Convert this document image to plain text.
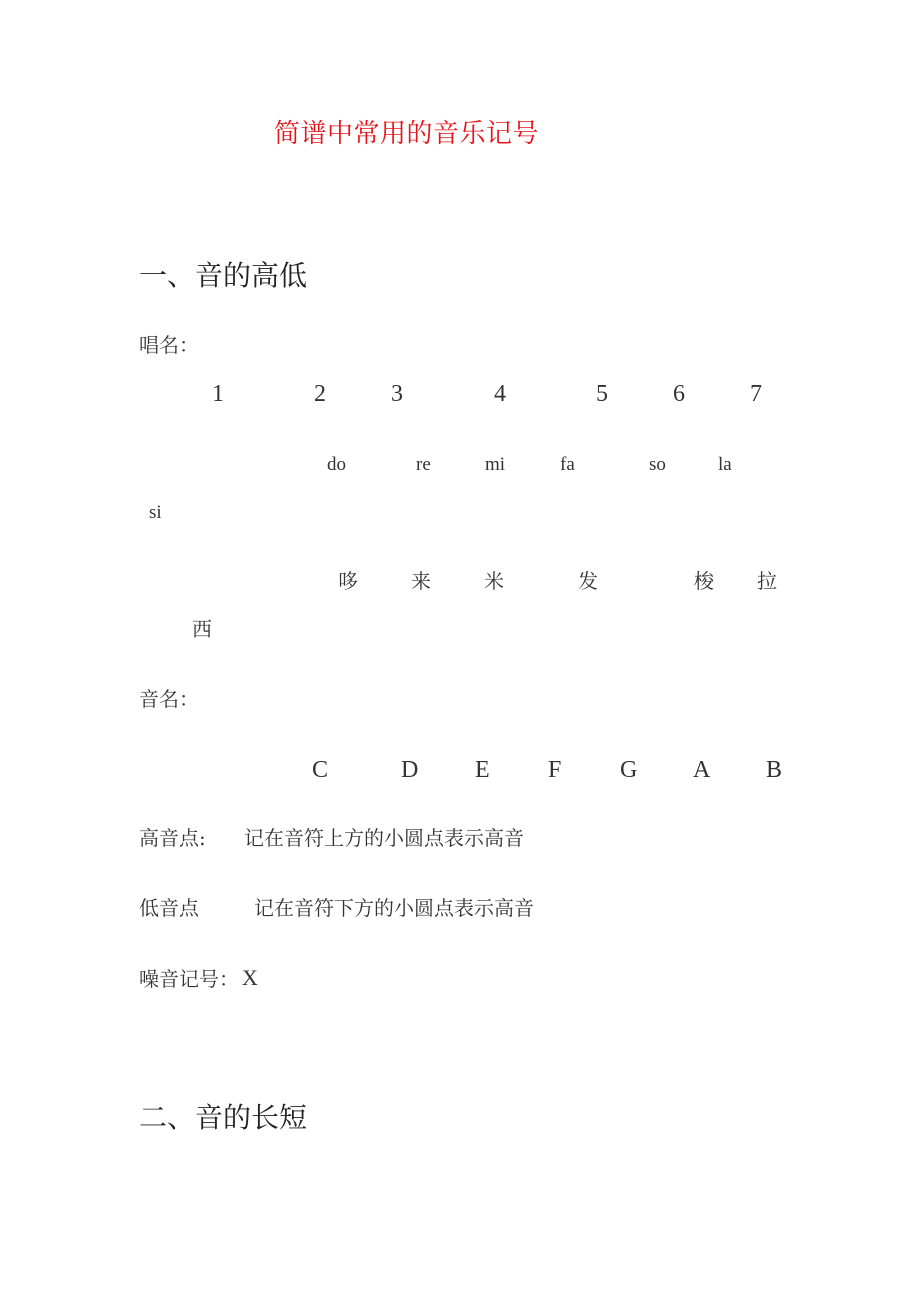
简谱中常用的音乐记号
一、音的高低
唱名：
1	2	3	4	5	6	7
do	re	mi	fa	so	la
si
哆	来	米	发	梭 拉
西
音名：
C	D E F G A B
高音点: 记在音符上方的小圆点表示高音
低音点	记在音符下方的小圆点表示高音
噪音记号： X
二、音的长短
